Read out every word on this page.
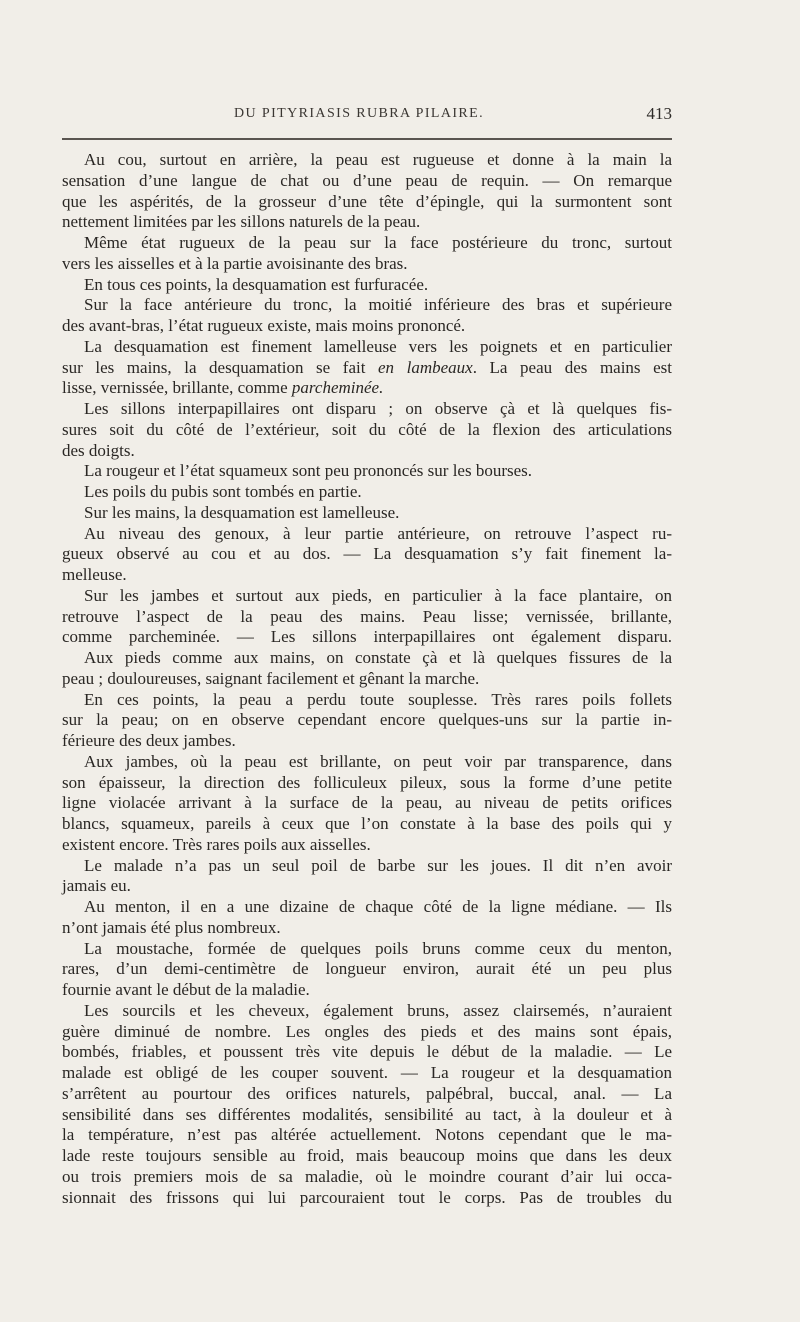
DU PITYRIASIS RUBRA PILAIRE.	413
Au cou, surtout en arrière, la peau est rugueuse et donne à la main la
sensation d’une langue de chat ou d’une peau de requin. — On remarque
que les aspérités, de la grosseur d’une tête d’épingle, qui la surmontent sont
nettement limitées par les sillons naturels de la peau.
Même état rugueux de la peau sur la face postérieure du tronc, surtout
vers les aisselles et à la partie avoisinante des bras.
En tous ces points, la desquamation est furfuracée.
Sur la face antérieure du tronc, la moitié inférieure des bras et supérieure
des avant-bras, l’état rugueux existe, mais moins prononcé.
La desquamation est finement lamelleuse vers les poignets et en particulier
sur les mains, la desquamation se fait en lambeaux. La peau des mains est
lisse, vernissée, brillante, comme parcheminée.
Les sillons interpapillaires ont disparu ; on observe çà et là quelques fis-
sures soit du côté de l’extérieur, soit du côté de la flexion des articulations
des doigts.
La rougeur et l’état squameux sont peu prononcés sur les bourses.
Les poils du pubis sont tombés en partie.
Sur les mains, la desquamation est lamelleuse.
Au niveau des genoux, à leur partie antérieure, on retrouve l’aspect ru-
gueux observé au cou et au dos. — La desquamation s’y fait finement la-
melleuse.
Sur les jambes et surtout aux pieds, en particulier à la face plantaire, on
retrouve l’aspect de la peau des mains. Peau lisse; vernissée, brillante,
comme parcheminée. — Les sillons interpapillaires ont également disparu.
Aux pieds comme aux mains, on constate çà et là quelques fissures de la
peau ; douloureuses, saignant facilement et gênant la marche.
En ces points, la peau a perdu toute souplesse. Très rares poils follets
sur la peau; on en observe cependant encore quelques-uns sur la partie in-
férieure des deux jambes.
Aux jambes, où la peau est brillante, on peut voir par transparence, dans
son épaisseur, la direction des folliculeux pileux, sous la forme d’une petite
ligne violacée arrivant à la surface de la peau, au niveau de petits orifices
blancs, squameux, pareils à ceux que l’on constate à la base des poils qui y
existent encore. Très rares poils aux aisselles.
Le malade n’a pas un seul poil de barbe sur les joues. Il dit n’en avoir
jamais eu.
Au menton, il en a une dizaine de chaque côté de la ligne médiane. — Ils
n’ont jamais été plus nombreux.
La moustache, formée de quelques poils bruns comme ceux du menton,
rares, d’un demi-centimètre de longueur environ, aurait été un peu plus
fournie avant le début de la maladie.
Les sourcils et les cheveux, également bruns, assez clairsemés, n’auraient
guère diminué de nombre. Les ongles des pieds et des mains sont épais,
bombés, friables, et poussent très vite depuis le début de la maladie. — Le
malade est obligé de les couper souvent. — La rougeur et la desquamation
s’arrêtent au pourtour des orifices naturels, palpébral, buccal, anal. — La
sensibilité dans ses différentes modalités, sensibilité au tact, à la douleur et à
la température, n’est pas altérée actuellement. Notons cependant que le ma-
lade reste toujours sensible au froid, mais beaucoup moins que dans les deux
ou trois premiers mois de sa maladie, où le moindre courant d’air lui occa-
sionnait des frissons qui lui parcouraient tout le corps. Pas de troubles du
